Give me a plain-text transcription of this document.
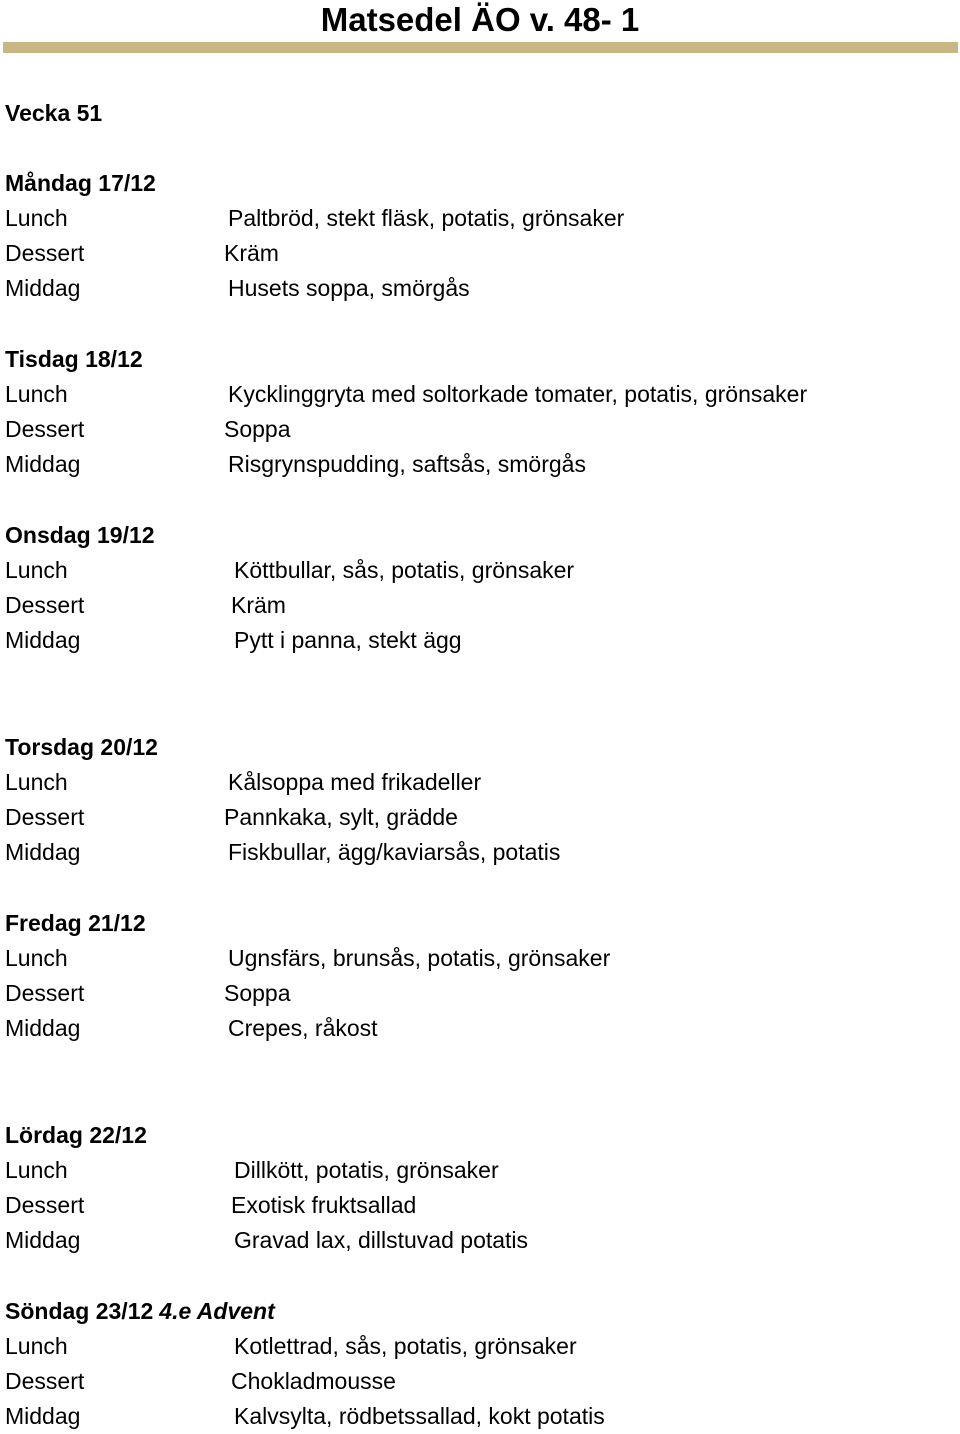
Matsedel ÄO v. 48- 1
Vecka 51
Måndag 17/12
Lunch	Paltbröd, stekt fläsk, potatis, grönsaker
Dessert	Kräm
Middag	Husets soppa, smörgås
Tisdag 18/12
Lunch	Kycklinggryta med soltorkade tomater, potatis, grönsaker
Dessert	Soppa
Middag	Risgrynspudding, saftsås, smörgås
Onsdag 19/12
Lunch	Köttbullar, sås, potatis, grönsaker
Dessert	Kräm
Middag	Pytt i panna, stekt ägg
Torsdag 20/12
Lunch	Kålsoppa med frikadeller
Dessert	Pannkaka, sylt, grädde
Middag	Fiskbullar, ägg/kaviarsås, potatis
Fredag 21/12
Lunch	Ugnsfärs, brunsås, potatis, grönsaker
Dessert	Soppa
Middag	Crepes, råkost
Lördag 22/12
Lunch	Dillkött, potatis, grönsaker
Dessert	Exotisk fruktsallad
Middag	Gravad lax, dillstuvad potatis
Söndag 23/12 4.e Advent
Lunch	Kotlettrad, sås, potatis, grönsaker
Dessert	Chokladmousse
Middag	Kalvsylta, rödbetssallad, kokt potatis
